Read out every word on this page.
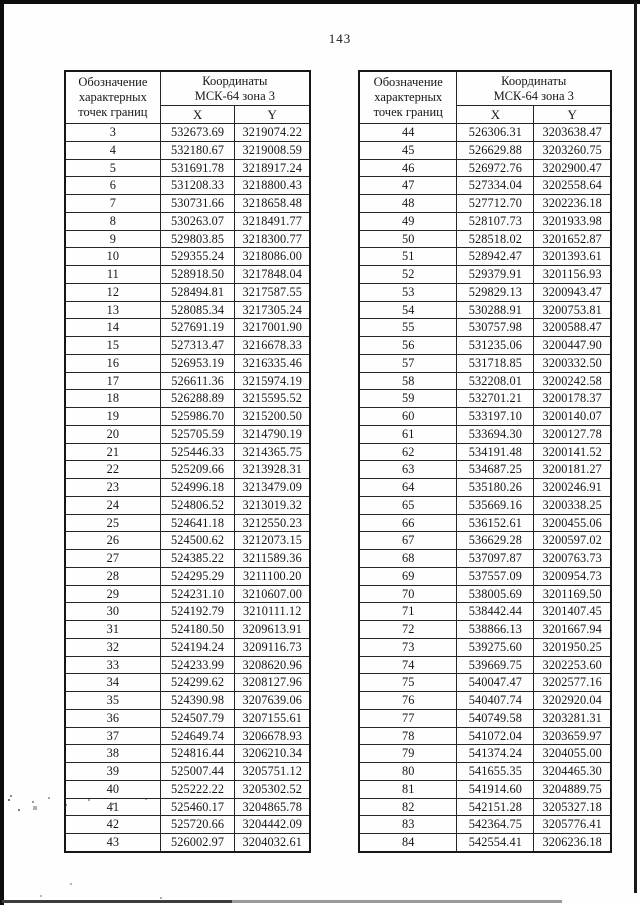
143
Обозначение
характерных
точек границ

Координаты
МСК-64 зона 3

	X	Y
3	532673.69	3219074.22
4	532180.67	3219008.59
5	531691.78	3218917.24
6	531208.33	3218800.43
7	530731.66	3218658.48
8	530263.07	3218491.77
9	529803.85	3218300.77
10	529355.24	3218086.00
11	528918.50	3217848.04
12	528494.81	3217587.55
13	528085.34	3217305.24
14	527691.19	3217001.90
15	527313.47	3216678.33
16	526953.19	3216335.46
17	526611.36	3215974.19
18	526288.89	3215595.52
19	525986.70	3215200.50
20	525705.59	3214790.19
21	525446.33	3214365.75
22	525209.66	3213928.31
23	524996.18	3213479.09
24	524806.52	3213019.32
25	524641.18	3212550.23
26	524500.62	3212073.15
27	524385.22	3211589.36
28	524295.29	3211100.20
29	524231.10	3210607.00
30	524192.79	3210111.12
31	524180.50	3209613.91
32	524194.24	3209116.73
33	524233.99	3208620.96
34	524299.62	3208127.96
35	524390.98	3207639.06
36	524507.79	3207155.61
37	524649.74	3206678.93
38	524816.44	3206210.34
39	525007.44	3205751.12
40	525222.22	3205302.52
41	525460.17	3204865.78
42	525720.66	3204442.09
43	526002.97	3204032.61
Обозначение
характерных
точек границ

Координаты
МСК-64 зона 3

	X	Y
44	526306.31	3203638.47
45	526629.88	3203260.75
46	526972.76	3202900.47
47	527334.04	3202558.64
48	527712.70	3202236.18
49	528107.73	3201933.98
50	528518.02	3201652.87
51	528942.47	3201393.61
52	529379.91	3201156.93
53	529829.13	3200943.47
54	530288.91	3200753.81
55	530757.98	3200588.47
56	531235.06	3200447.90
57	531718.85	3200332.50
58	532208.01	3200242.58
59	532701.21	3200178.37
60	533197.10	3200140.07
61	533694.30	3200127.78
62	534191.48	3200141.52
63	534687.25	3200181.27
64	535180.26	3200246.91
65	535669.16	3200338.25
66	536152.61	3200455.06
67	536629.28	3200597.02
68	537097.87	3200763.73
69	537557.09	3200954.73
70	538005.69	3201169.50
71	538442.44	3201407.45
72	538866.13	3201667.94
73	539275.60	3201950.25
74	539669.75	3202253.60
75	540047.47	3202577.16
76	540407.74	3202920.04
77	540749.58	3203281.31
78	541072.04	3203659.97
79	541374.24	3204055.00
80	541655.35	3204465.30
81	541914.60	3204889.75
82	542151.28	3205327.18
83	542364.75	3205776.41
84	542554.41	3206236.18
